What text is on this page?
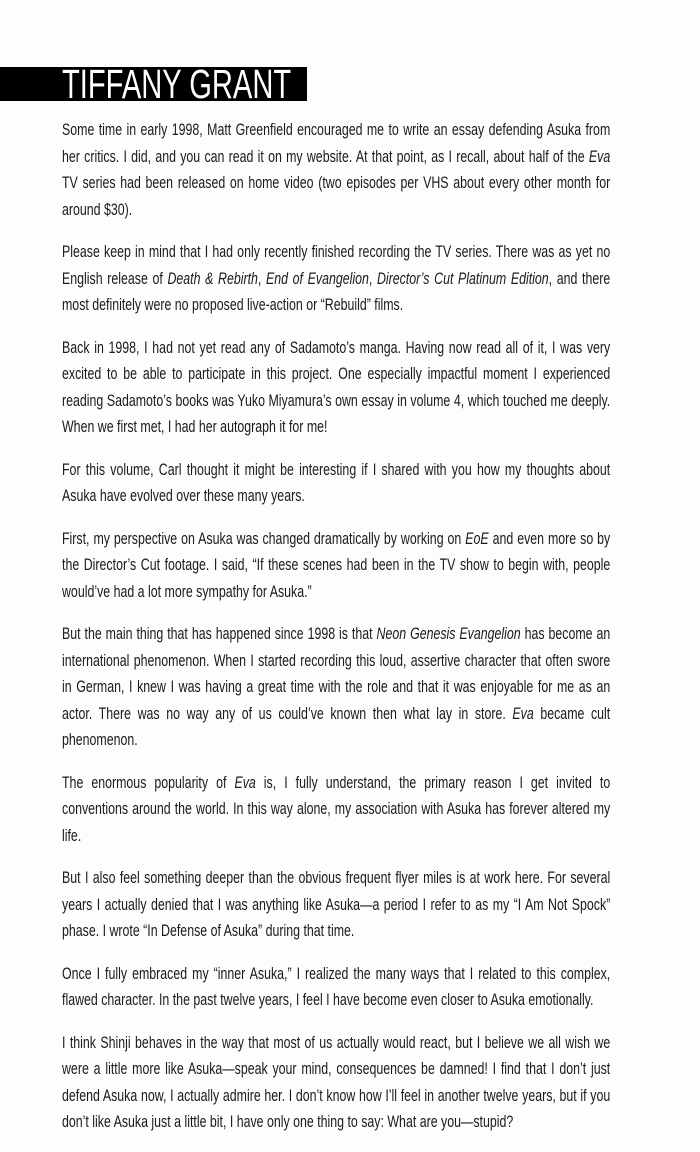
TIFFANY GRANT

Some time in early 1998, Matt Greenfield encouraged me to write an essay defending Asuka from her critics. I did, and you can read it on my website. At that point, as I recall, about half of the Eva TV series had been released on home video (two episodes per VHS about every other month for around $30).

Please keep in mind that I had only recently finished recording the TV series. There was as yet no English release of Death & Rebirth, End of Evangelion, Director’s Cut Platinum Edition, and there most definitely were no proposed live-action or “Rebuild” films.

Back in 1998, I had not yet read any of Sadamoto’s manga. Having now read all of it, I was very excited to be able to participate in this project. One especially impactful moment I experienced reading Sadamoto’s books was Yuko Miyamura’s own essay in volume 4, which touched me deeply. When we first met, I had her autograph it for me!

For this volume, Carl thought it might be interesting if I shared with you how my thoughts about Asuka have evolved over these many years.

First, my perspective on Asuka was changed dramatically by working on EoE and even more so by the Director’s Cut footage. I said, “If these scenes had been in the TV show to begin with, people would’ve had a lot more sympathy for Asuka.”

But the main thing that has happened since 1998 is that Neon Genesis Evangelion has become an international phenomenon. When I started recording this loud, assertive character that often swore in German, I knew I was having a great time with the role and that it was enjoyable for me as an actor. There was no way any of us could’ve known then what lay in store. Eva became cult phenomenon.

The enormous popularity of Eva is, I fully understand, the primary reason I get invited to conventions around the world. In this way alone, my association with Asuka has forever altered my life.

But I also feel something deeper than the obvious frequent flyer miles is at work here. For several years I actually denied that I was anything like Asuka—a period I refer to as my “I Am Not Spock” phase. I wrote “In Defense of Asuka” during that time.

Once I fully embraced my “inner Asuka,” I realized the many ways that I related to this complex, flawed character. In the past twelve years, I feel I have become even closer to Asuka emotionally.

I think Shinji behaves in the way that most of us actually would react, but I believe we all wish we were a little more like Asuka—speak your mind, consequences be damned! I find that I don’t just defend Asuka now, I actually admire her. I don’t know how I’ll feel in another twelve years, but if you don’t like Asuka just a little bit, I have only one thing to say: What are you—stupid?
